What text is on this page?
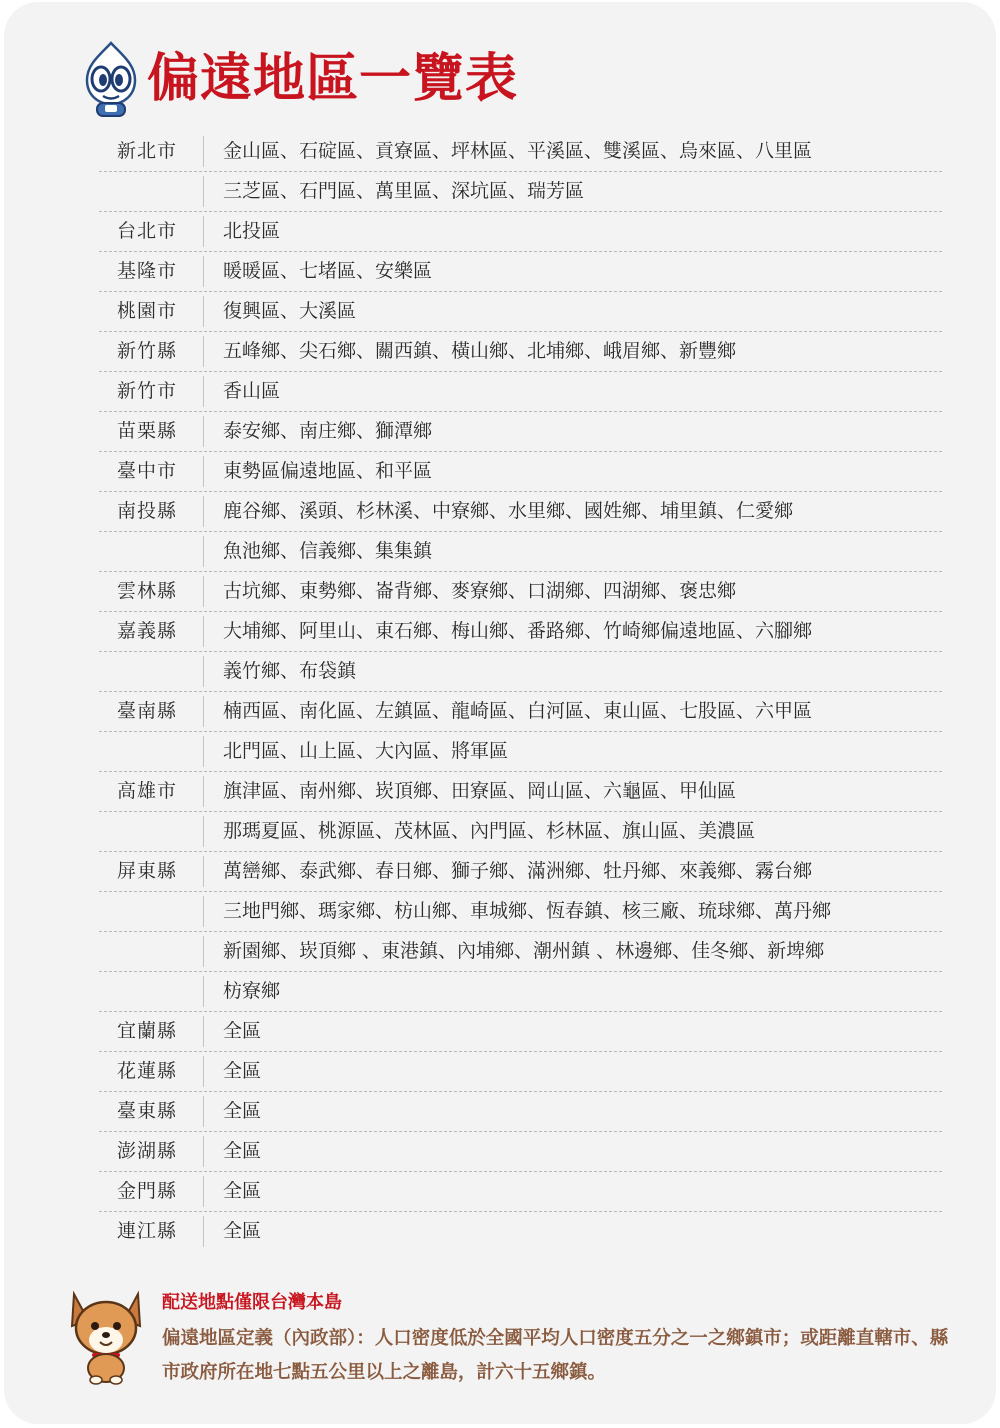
偏遠地區一覽表
新北市	金山區、石碇區、貢寮區、坪林區、平溪區、雙溪區、烏來區、八里區
三芝區、石門區、萬里區、深坑區、瑞芳區
台北市	北投區
基隆市	暖暖區、七堵區、安樂區
桃園市	復興區、大溪區
新竹縣	五峰鄉、尖石鄉、關西鎮、橫山鄉、北埔鄉、峨眉鄉、新豐鄉
新竹市	香山區
苗栗縣	泰安鄉、南庄鄉、獅潭鄉
臺中市	東勢區偏遠地區、和平區
南投縣	鹿谷鄉、溪頭、杉林溪、中寮鄉、水里鄉、國姓鄉、埔里鎮、仁愛鄉
魚池鄉、信義鄉、集集鎮
雲林縣	古坑鄉、東勢鄉、崙背鄉、麥寮鄉、口湖鄉、四湖鄉、褒忠鄉
嘉義縣	大埔鄉、阿里山、東石鄉、梅山鄉、番路鄉、竹崎鄉偏遠地區、六腳鄉
義竹鄉、布袋鎮
臺南縣	楠西區、南化區、左鎮區、龍崎區、白河區、東山區、七股區、六甲區
北門區、山上區、大內區、將軍區
高雄市	旗津區、南州鄉、崁頂鄉、田寮區、岡山區、六龜區、甲仙區
那瑪夏區、桃源區、茂林區、內門區、杉林區、旗山區、美濃區
屏東縣	萬巒鄉、泰武鄉、春日鄉、獅子鄉、滿洲鄉、牡丹鄉、來義鄉、霧台鄉
三地門鄉、瑪家鄉、枋山鄉、車城鄉、恆春鎮、核三廠、琉球鄉、萬丹鄉
新園鄉、崁頂鄉 、東港鎮、內埔鄉、潮州鎮 、林邊鄉、佳冬鄉、新埤鄉
枋寮鄉
宜蘭縣	全區
花蓮縣	全區
臺東縣	全區
澎湖縣	全區
金門縣	全區
連江縣	全區
配送地點僅限台灣本島
偏遠地區定義（內政部）：人口密度低於全國平均人口密度五分之一之鄉鎮市；或距離直轄市、縣市政府所在地七點五公里以上之離島，計六十五鄉鎮。
